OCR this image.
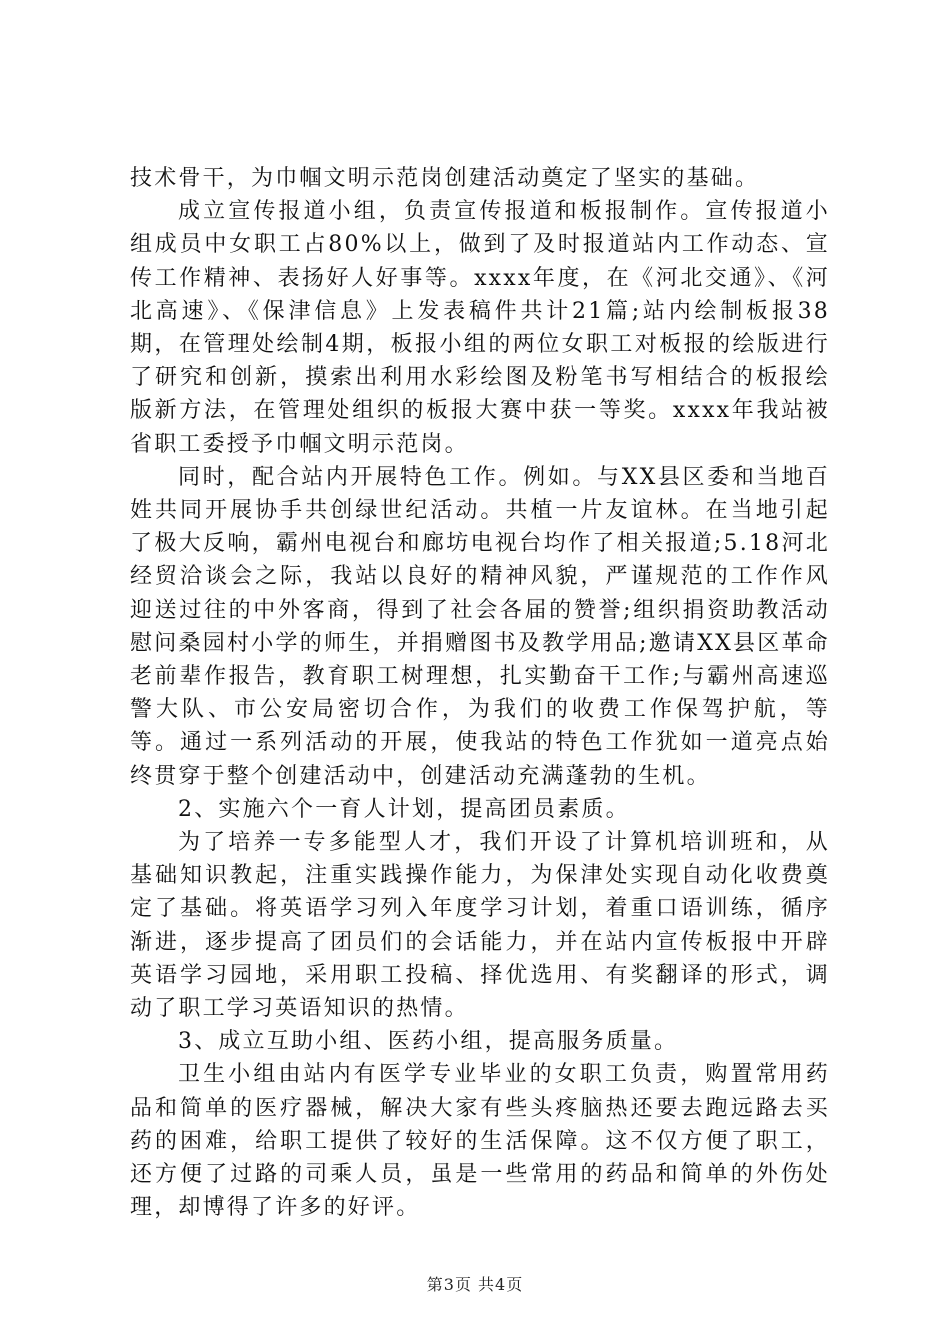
技术骨干，为巾帼文明示范岗创建活动奠定了坚实的基础。

成立宣传报道小组，负责宣传报道和板报制作。宣传报道小组成员中女职工占80%以上，做到了及时报道站内工作动态、宣传工作精神、表扬好人好事等。xxxx年度，在《河北交通》、《河北高速》、《保津信息》上发表稿件共计21篇;站内绘制板报38期，在管理处绘制4期，板报小组的两位女职工对板报的绘版进行了研究和创新，摸索出利用水彩绘图及粉笔书写相结合的板报绘版新方法，在管理处组织的板报大赛中获一等奖。xxxx年我站被省职工委授予巾帼文明示范岗。

同时，配合站内开展特色工作。例如。与XX县区委和当地百姓共同开展协手共创绿世纪活动。共植一片友谊林。在当地引起了极大反响，霸州电视台和廊坊电视台均作了相关报道;5.18河北经贸洽谈会之际，我站以良好的精神风貌，严谨规范的工作作风迎送过往的中外客商，得到了社会各届的赞誉;组织捐资助教活动慰问桑园村小学的师生，并捐赠图书及教学用品;邀请XX县区革命老前辈作报告，教育职工树理想，扎实勤奋干工作;与霸州高速巡警大队、市公安局密切合作，为我们的收费工作保驾护航，等等。通过一系列活动的开展，使我站的特色工作犹如一道亮点始终贯穿于整个创建活动中，创建活动充满蓬勃的生机。

2、实施六个一育人计划，提高团员素质。

为了培养一专多能型人才，我们开设了计算机培训班和，从基础知识教起，注重实践操作能力，为保津处实现自动化收费奠定了基础。将英语学习列入年度学习计划，着重口语训练，循序渐进，逐步提高了团员们的会话能力，并在站内宣传板报中开辟英语学习园地，采用职工投稿、择优选用、有奖翻译的形式，调动了职工学习英语知识的热情。

3、成立互助小组、医药小组，提高服务质量。

卫生小组由站内有医学专业毕业的女职工负责，购置常用药品和简单的医疗器械，解决大家有些头疼脑热还要去跑远路去买药的困难，给职工提供了较好的生活保障。这不仅方便了职工，还方便了过路的司乘人员，虽是一些常用的药品和简单的外伤处理，却博得了许多的好评。

第3页 共4页
